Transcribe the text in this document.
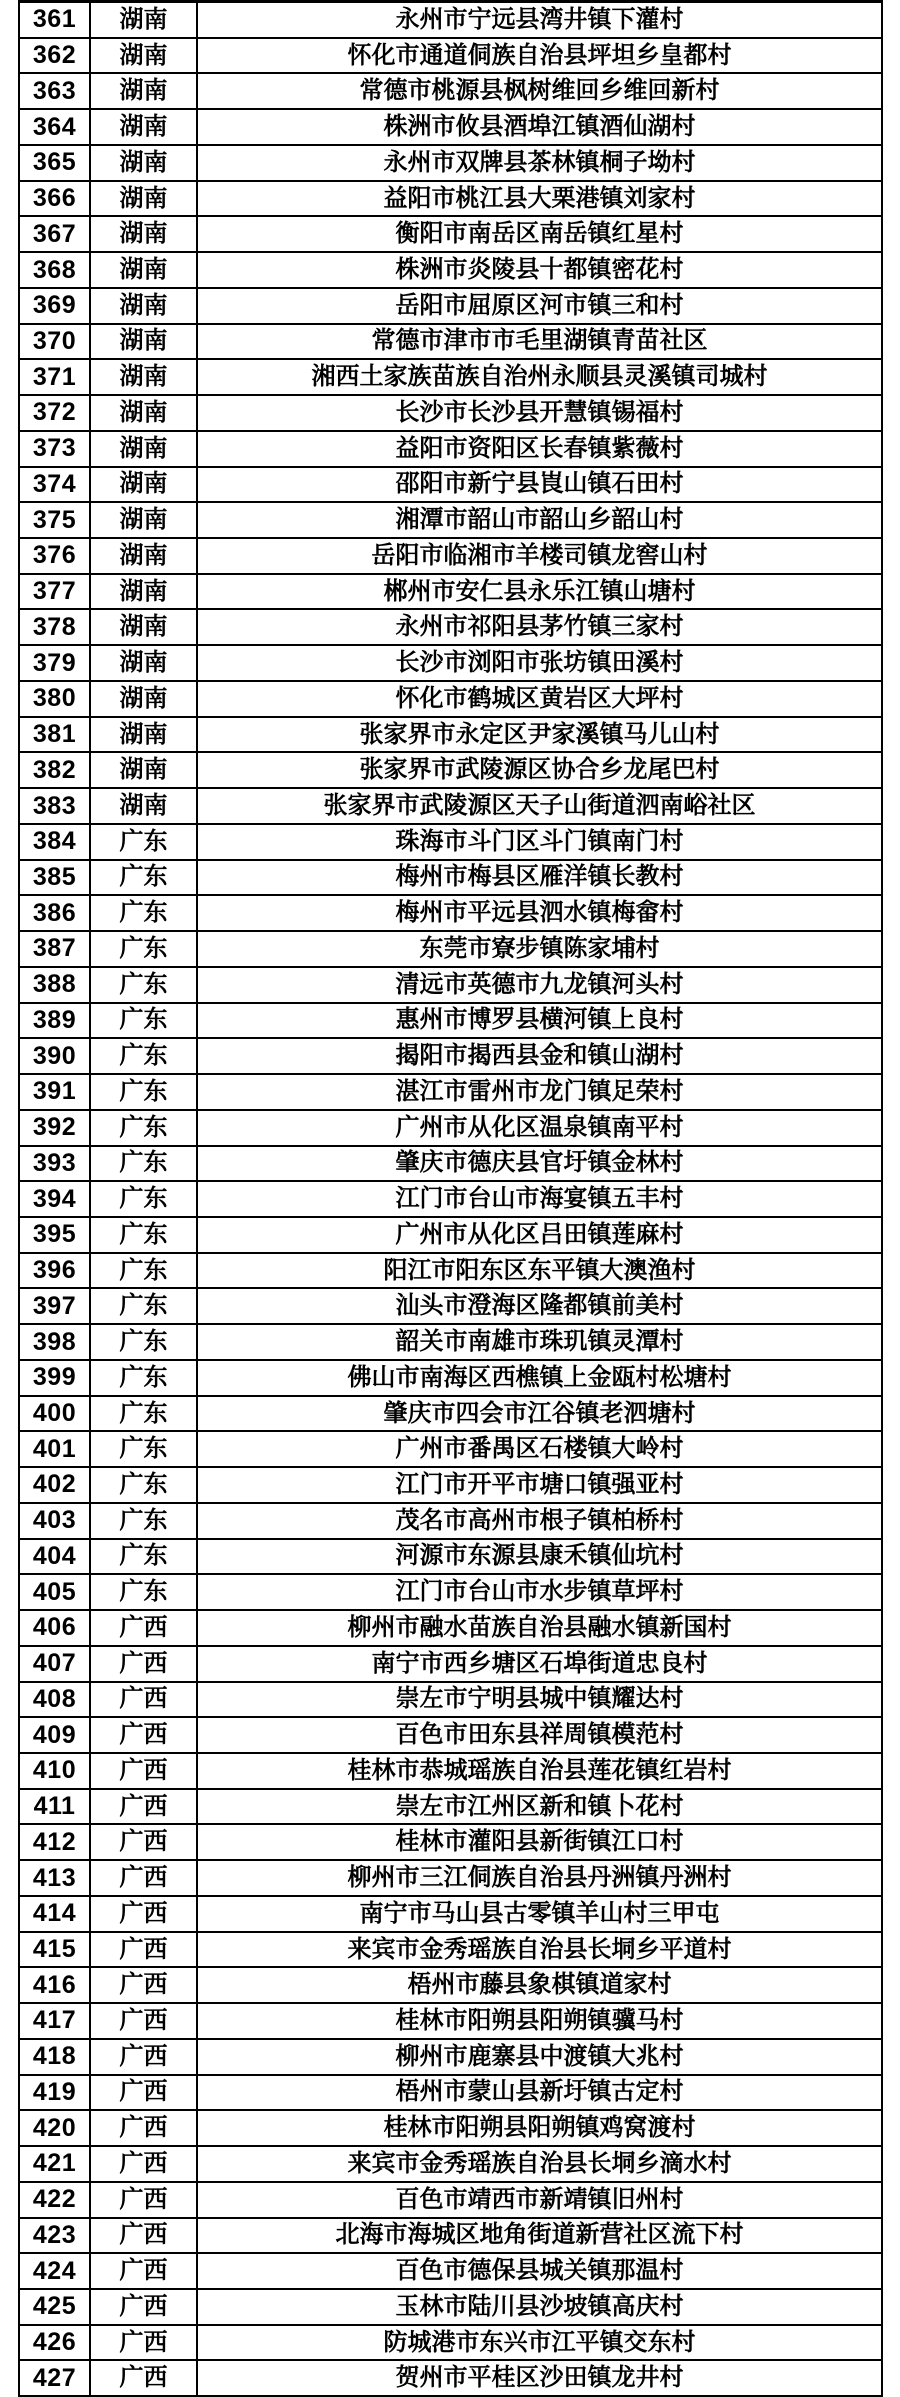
361	湖南	永州市宁远县湾井镇下灌村
362	湖南	怀化市通道侗族自治县坪坦乡皇都村
363	湖南	常德市桃源县枫树维回乡维回新村
364	湖南	株洲市攸县酒埠江镇酒仙湖村
365	湖南	永州市双牌县茶林镇桐子坳村
366	湖南	益阳市桃江县大栗港镇刘家村
367	湖南	衡阳市南岳区南岳镇红星村
368	湖南	株洲市炎陵县十都镇密花村
369	湖南	岳阳市屈原区河市镇三和村
370	湖南	常德市津市市毛里湖镇青苗社区
371	湖南	湘西土家族苗族自治州永顺县灵溪镇司城村
372	湖南	长沙市长沙县开慧镇锡福村
373	湖南	益阳市资阳区长春镇紫薇村
374	湖南	邵阳市新宁县崀山镇石田村
375	湖南	湘潭市韶山市韶山乡韶山村
376	湖南	岳阳市临湘市羊楼司镇龙窖山村
377	湖南	郴州市安仁县永乐江镇山塘村
378	湖南	永州市祁阳县茅竹镇三家村
379	湖南	长沙市浏阳市张坊镇田溪村
380	湖南	怀化市鹤城区黄岩区大坪村
381	湖南	张家界市永定区尹家溪镇马儿山村
382	湖南	张家界市武陵源区协合乡龙尾巴村
383	湖南	张家界市武陵源区天子山街道泗南峪社区
384	广东	珠海市斗门区斗门镇南门村
385	广东	梅州市梅县区雁洋镇长教村
386	广东	梅州市平远县泗水镇梅畲村
387	广东	东莞市寮步镇陈家埔村
388	广东	清远市英德市九龙镇河头村
389	广东	惠州市博罗县横河镇上良村
390	广东	揭阳市揭西县金和镇山湖村
391	广东	湛江市雷州市龙门镇足荣村
392	广东	广州市从化区温泉镇南平村
393	广东	肇庆市德庆县官圩镇金林村
394	广东	江门市台山市海宴镇五丰村
395	广东	广州市从化区吕田镇莲麻村
396	广东	阳江市阳东区东平镇大澳渔村
397	广东	汕头市澄海区隆都镇前美村
398	广东	韶关市南雄市珠玑镇灵潭村
399	广东	佛山市南海区西樵镇上金瓯村松塘村
400	广东	肇庆市四会市江谷镇老泗塘村
401	广东	广州市番禺区石楼镇大岭村
402	广东	江门市开平市塘口镇强亚村
403	广东	茂名市高州市根子镇柏桥村
404	广东	河源市东源县康禾镇仙坑村
405	广东	江门市台山市水步镇草坪村
406	广西	柳州市融水苗族自治县融水镇新国村
407	广西	南宁市西乡塘区石埠街道忠良村
408	广西	崇左市宁明县城中镇耀达村
409	广西	百色市田东县祥周镇模范村
410	广西	桂林市恭城瑶族自治县莲花镇红岩村
411	广西	崇左市江州区新和镇卜花村
412	广西	桂林市灌阳县新街镇江口村
413	广西	柳州市三江侗族自治县丹洲镇丹洲村
414	广西	南宁市马山县古零镇羊山村三甲屯
415	广西	来宾市金秀瑶族自治县长垌乡平道村
416	广西	梧州市藤县象棋镇道家村
417	广西	桂林市阳朔县阳朔镇骥马村
418	广西	柳州市鹿寨县中渡镇大兆村
419	广西	梧州市蒙山县新圩镇古定村
420	广西	桂林市阳朔县阳朔镇鸡窝渡村
421	广西	来宾市金秀瑶族自治县长垌乡滴水村
422	广西	百色市靖西市新靖镇旧州村
423	广西	北海市海城区地角街道新营社区流下村
424	广西	百色市德保县城关镇那温村
425	广西	玉林市陆川县沙坡镇高庆村
426	广西	防城港市东兴市江平镇交东村
427	广西	贺州市平桂区沙田镇龙井村
